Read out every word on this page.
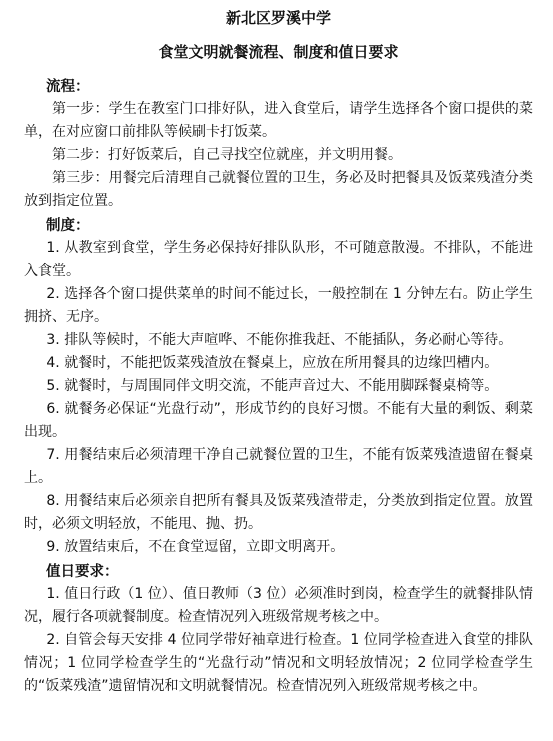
新北区罗溪中学
食堂文明就餐流程、制度和值日要求
流程：

第一步：学生在教室门口排好队，进入食堂后，请学生选择各个窗口提供的菜单，在对应窗口前排队等候刷卡打饭菜。

第二步：打好饭菜后，自己寻找空位就座，并文明用餐。

第三步：用餐完后清理自己就餐位置的卫生，务必及时把餐具及饭菜残渣分类放到指定位置。

制度：

1. 从教室到食堂，学生务必保持好排队队形，不可随意散漫。不排队，不能进入食堂。

2. 选择各个窗口提供菜单的时间不能过长，一般控制在 1 分钟左右。防止学生拥挤、无序。

3. 排队等候时，不能大声喧哗、不能你推我赶、不能插队，务必耐心等待。

4. 就餐时，不能把饭菜残渣放在餐桌上，应放在所用餐具的边缘凹槽内。

5. 就餐时，与周围同伴文明交流，不能声音过大、不能用脚踩餐桌椅等。

6. 就餐务必保证“光盘行动”，形成节约的良好习惯。不能有大量的剩饭、剩菜出现。

7. 用餐结束后必须清理干净自己就餐位置的卫生，不能有饭菜残渣遗留在餐桌上。

8. 用餐结束后必须亲自把所有餐具及饭菜残渣带走，分类放到指定位置。放置时，必须文明轻放，不能甩、抛、扔。

9. 放置结束后，不在食堂逗留，立即文明离开。

值日要求：

1. 值日行政（1 位）、值日教师（3 位）必须准时到岗，检查学生的就餐排队情况，履行各项就餐制度。检查情况列入班级常规考核之中。

2. 自管会每天安排 4 位同学带好袖章进行检查。1 位同学检查进入食堂的排队情况；1 位同学检查学生的“光盘行动”情况和文明轻放情况；2 位同学检查学生的“饭菜残渣”遗留情况和文明就餐情况。检查情况列入班级常规考核之中。
